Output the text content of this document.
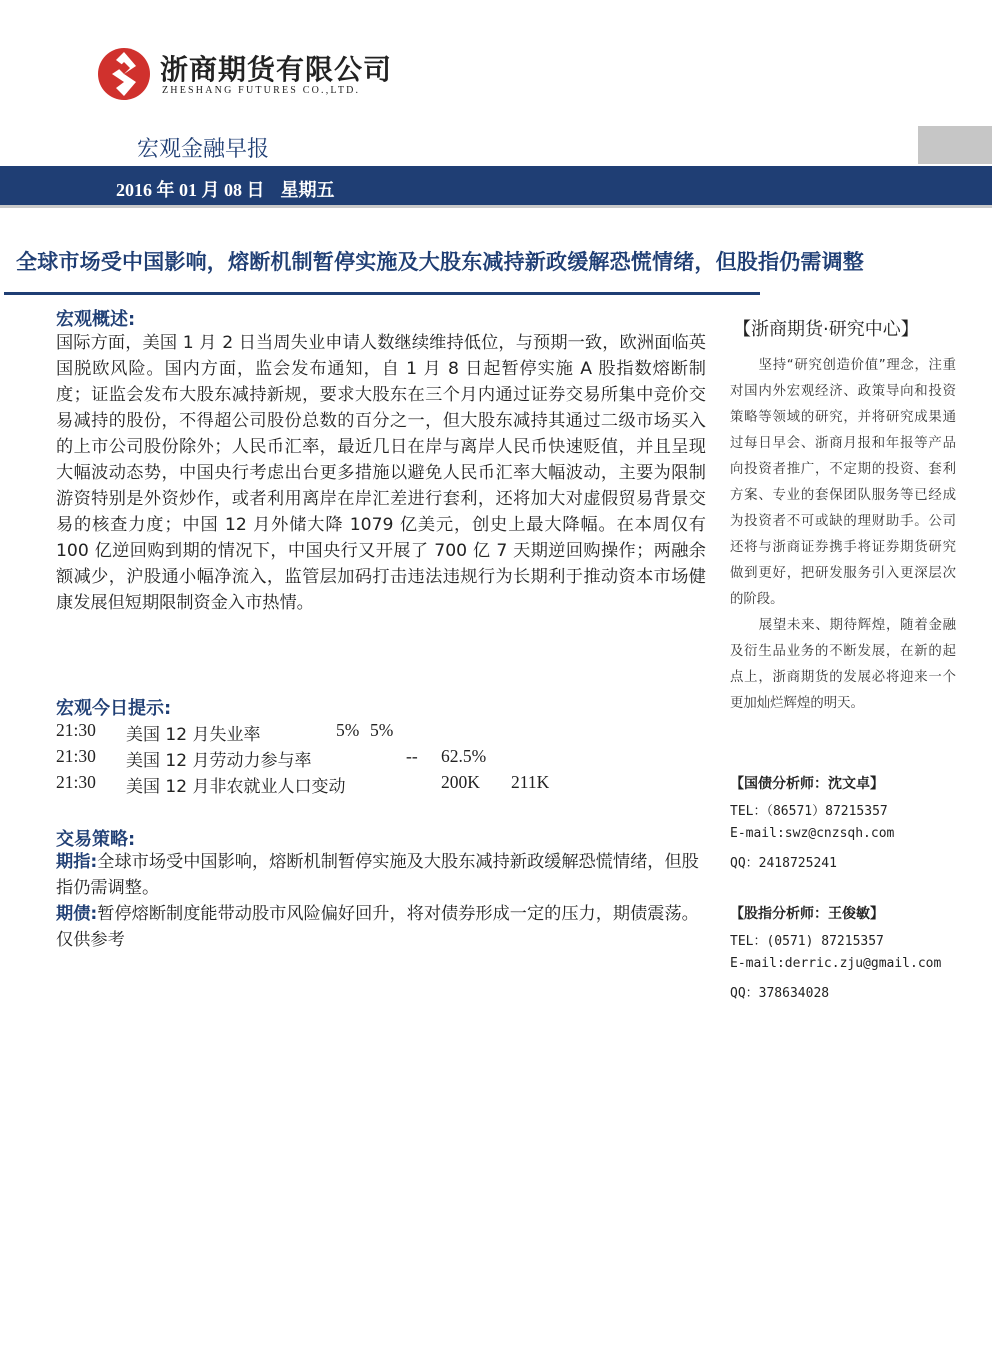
浙商期货有限公司
ZHESHANG FUTURES CO.,LTD.
宏观金融早报
2016 年 01 月 08 日 星期五
全球市场受中国影响，熔断机制暂停实施及大股东减持新政缓解恐慌情绪，但股指仍需调整
宏观概述:
国际方面，美国 1 月 2 日当周失业申请人数继续维持低位，与预期一致，欧洲面临英国脱欧风险。国内方面，监会发布通知，自 1 月 8 日起暂停实施 A 股指数熔断制度；证监会发布大股东减持新规，要求大股东在三个月内通过证券交易所集中竞价交易减持的股份，不得超公司股份总数的百分之一，但大股东减持其通过二级市场买入的上市公司股份除外；人民币汇率，最近几日在岸与离岸人民币快速贬值，并且呈现大幅波动态势，中国央行考虑出台更多措施以避免人民币汇率大幅波动，主要为限制游资特别是外资炒作，或者利用离岸在岸汇差进行套利，还将加大对虚假贸易背景交易的核查力度；中国 12 月外储大降 1079 亿美元，创史上最大降幅。在本周仅有 100 亿逆回购到期的情况下，中国央行又开展了 700 亿 7 天期逆回购操作；两融余额减少，沪股通小幅净流入，监管层加码打击违法违规行为长期利于推动资本市场健康发展但短期限制资金入市热情。
宏观今日提示:
21:30 美国 12 月失业率	5% 5%
21:30 美国 12 月劳动力参与率	-- 62.5%
21:30 美国 12 月非农就业人口变动	200K 211K
交易策略:
期指:全球市场受中国影响，熔断机制暂停实施及大股东减持新政缓解恐慌情绪，但股指仍需调整。
期债:暂停熔断制度能带动股市风险偏好回升，将对债券形成一定的压力，期债震荡。仅供参考
【浙商期货·研究中心】
坚持“研究创造价值”理念，注重对国内外宏观经济、政策导向和投资策略等领域的研究，并将研究成果通过每日早会、浙商月报和年报等产品向投资者推广，不定期的投资、套利方案、专业的套保团队服务等已经成为投资者不可或缺的理财助手。公司还将与浙商证券携手将证券期货研究做到更好，把研发服务引入更深层次的阶段。
展望未来、期待辉煌，随着金融及衍生品业务的不断发展，在新的起点上，浙商期货的发展必将迎来一个更加灿烂辉煌的明天。
【国债分析师：沈文卓】
TEL：（86571）87215357
E-mail:swz@cnzsqh.com
QQ：2418725241
【股指分析师：王俊敏】
TEL：(0571) 87215357
E-mail:derric.zju@gmail.com
QQ：378634028
